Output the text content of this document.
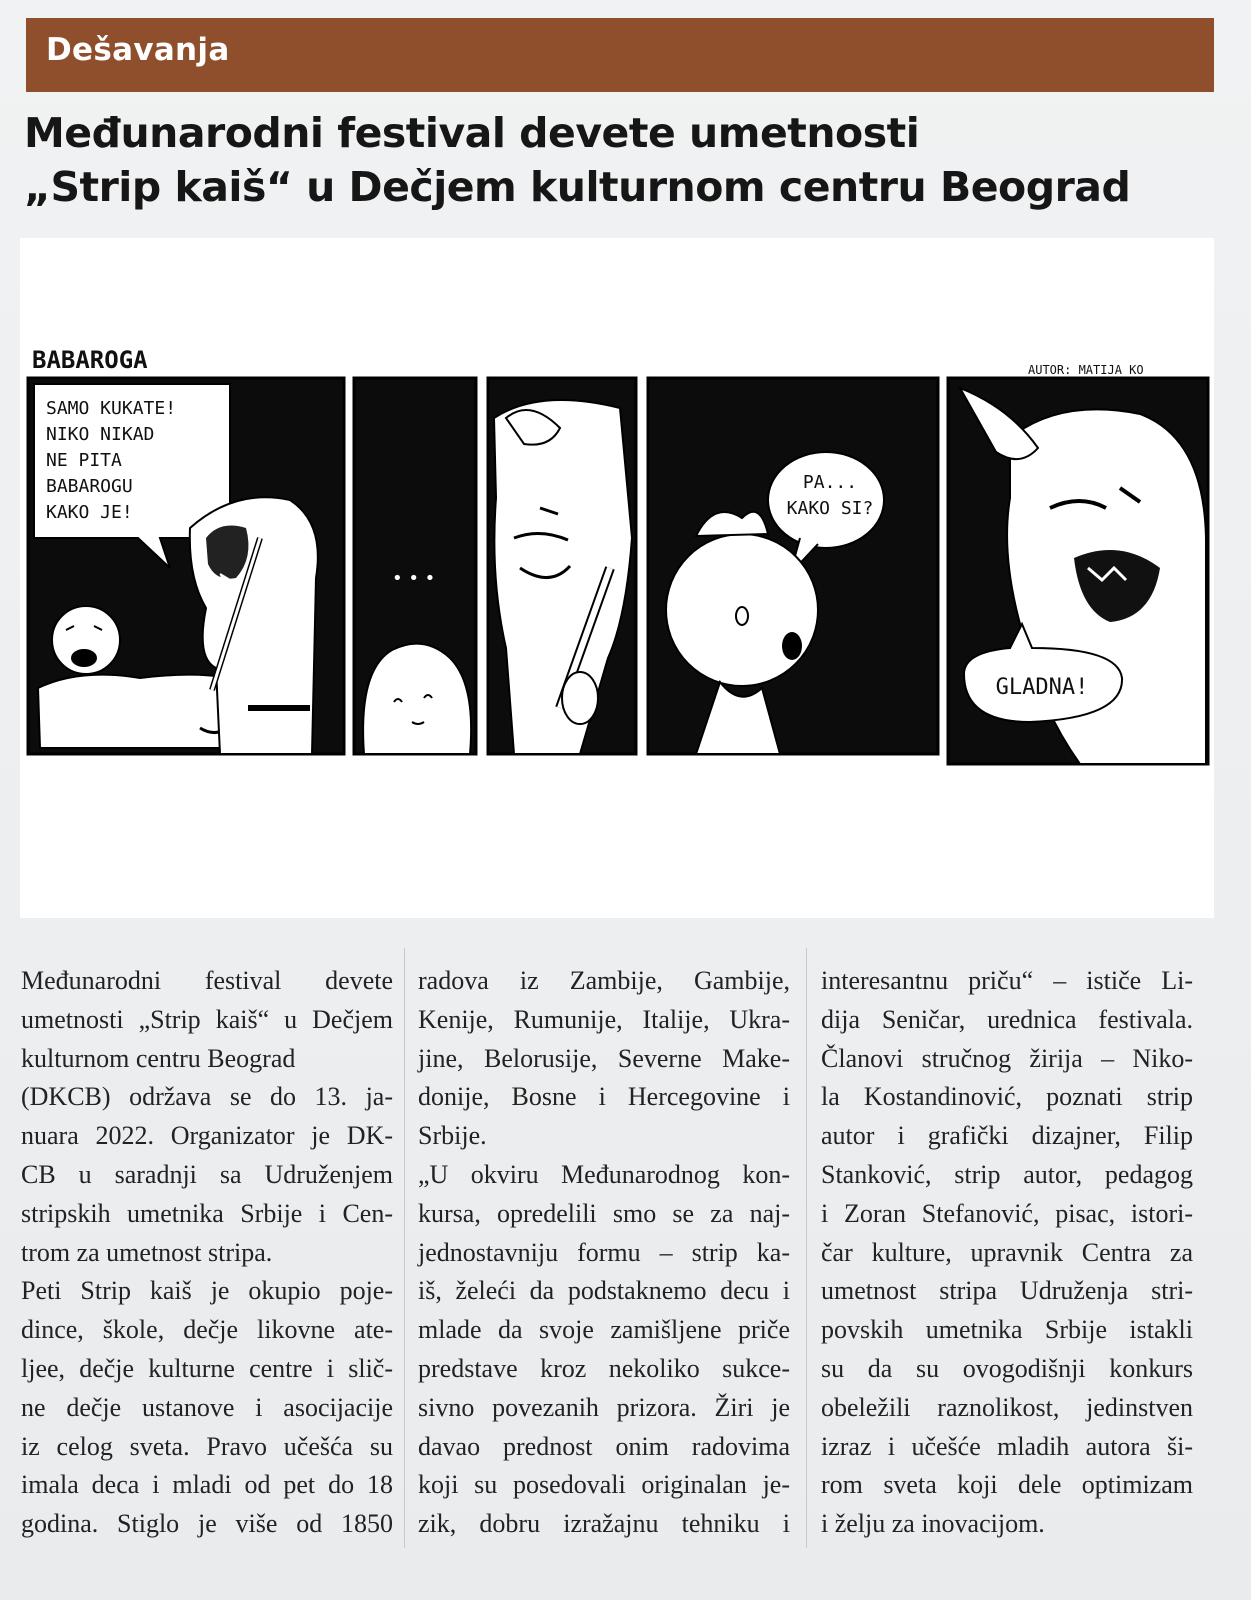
Dešavanja
Međunarodni festival devete umetnosti
„Strip kaiš“ u Dečjem kulturnom centru Beograd
BABAROGA	AUTOR: MATIJA KO
SAMO KUKATE!
NIKO NIKAD
NE PITA
BABAROGU
KAKO JE!
• • •
PA...
KAKO SI?
GLADNA!
Međunarodni festival devete
umetnosti „Strip kaiš“ u Dečjem kulturnom centru Beograd
(DKCB) održava se do 13. ja-
nuara 2022. Organizator je DK-
CB u saradnji sa Udruženjem
stripskih umetnika Srbije i Cen-
trom za umetnost stripa.
Peti Strip kaiš je okupio poje-
dince, škole, dečje likovne ate-
ljee, dečje kulturne centre i slič-
ne dečje ustanove i asocijacije
iz celog sveta. Pravo učešća su
imala deca i mladi od pet do 18
godina. Stiglo je više od 1850
radova iz Zambije, Gambije,
Kenije, Rumunije, Italije, Ukra-
jine, Belorusije, Severne Make-
donije, Bosne i Hercegovine i
Srbije.
„U okviru Međunarodnog kon-
kursa, opredelili smo se za naj-
jednostavniju formu – strip ka-
iš, želeći da podstaknemo decu i
mlade da svoje zamišljene priče
predstave kroz nekoliko sukce-
sivno povezanih prizora. Žiri je
davao prednost onim radovima
koji su posedovali originalan je-
zik, dobru izražajnu tehniku i
interesantnu priču“ – ističe Li-
dija Seničar, urednica festivala.
Članovi stručnog žirija – Niko-
la Kostandinović, poznati strip
autor i grafički dizajner, Filip
Stanković, strip autor, pedagog
i Zoran Stefanović, pisac, istori-
čar kulture, upravnik Centra za
umetnost stripa Udruženja stri-
povskih umetnika Srbije istakli
su da su ovogodišnji konkurs
obeležili raznolikost, jedinstven
izraz i učešće mladih autora ši-
rom sveta koji dele optimizam
i želju za inovacijom.
